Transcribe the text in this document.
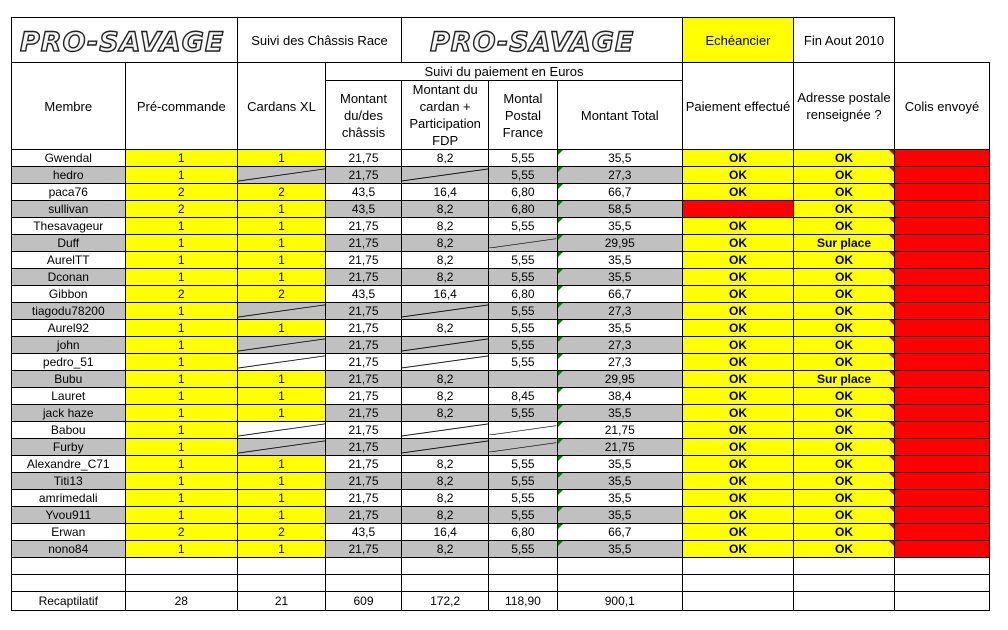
PRO-SAVAGE		Suivi des Châssis Race		PRO-SAVAGE			Echéancier	Fin Aout 2010	
Membre	Pré-commande	Cardans XL	Suivi du paiement en Euros				Paiement effectué	Adresse postale renseignée ?	Colis envoyé
			Montant du/des châssis	Montant du cardan + Participation FDP	Montal Postal France	Montant Total			
Gwendal	1	1	21,75	8,2	5,55	35,5	OK	OK	
hedro	1		21,75		5,55	27,3	OK	OK	
paca76	2	2	43,5	16,4	6,80	66,7	OK	OK	
sullivan	2	1	43,5	8,2	6,80	58,5		OK	
Thesavageur	1	1	21,75	8,2	5,55	35,5	OK	OK	
Duff	1	1	21,75	8,2		29,95	OK	Sur place	
AurelTT	1	1	21,75	8,2	5,55	35,5	OK	OK	
Dconan	1	1	21,75	8,2	5,55	35,5	OK	OK	
Gibbon	2	2	43,5	16,4	6,80	66,7	OK	OK	
tiagodu78200	1		21,75		5,55	27,3	OK	OK	
Aurel92	1	1	21,75	8,2	5,55	35,5	OK	OK	
john	1		21,75		5,55	27,3	OK	OK	
pedro_51	1		21,75		5,55	27,3	OK	OK	
Bubu	1	1	21,75	8,2		29,95	OK	Sur place	
Lauret	1	1	21,75	8,2	8,45	38,4	OK	OK	
jack haze	1	1	21,75	8,2	5,55	35,5	OK	OK	
Babou	1		21,75			21,75	OK	OK	
Furby	1		21,75			21,75	OK	OK	
Alexandre_C71	1	1	21,75	8,2	5,55	35,5	OK	OK	
Titi13	1	1	21,75	8,2	5,55	35,5	OK	OK	
amrimedali	1	1	21,75	8,2	5,55	35,5	OK	OK	
Yvou911	1	1	21,75	8,2	5,55	35,5	OK	OK	
Erwan	2	2	43,5	16,4	6,80	66,7	OK	OK	
nono84	1	1	21,75	8,2	5,55	35,5	OK	OK	

Recaptilatif	28	21	609	172,2	118,90	900,1			
